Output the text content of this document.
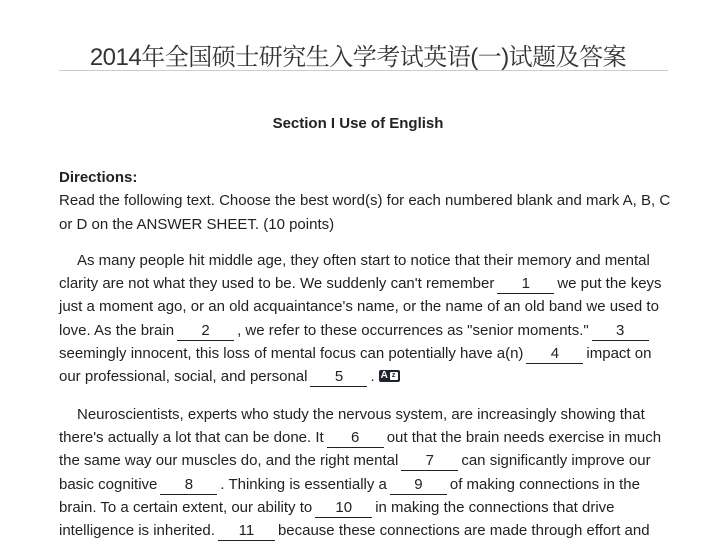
2014年全国硕士研究生入学考试英语(一)试题及答案
Section I Use of English
Directions:
Read the following text. Choose the best word(s) for each numbered blank and mark A, B, C or D on the ANSWER SHEET. (10 points)

As many people hit middle age, they often start to notice that their memory and mental clarity are not what they used to be. We suddenly can't remember 1 we put the keys just a moment ago, or an old acquaintance's name, or the name of an old band we used to love. As the brain 2 , we refer to these occurrences as "senior moments." 3 seemingly innocent, this loss of mental focus can potentially have a(n) 4 impact on our professional, social, and personal 5 . A z

Neuroscientists, experts who study the nervous system, are increasingly showing that there's actually a lot that can be done. It 6 out that the brain needs exercise in much the same way our muscles do, and the right mental 7 can significantly improve our basic cognitive 8 . Thinking is essentially a 9 of making connections in the brain. To a certain extent, our ability to 10 in making the connections that drive intelligence is inherited. 11 because these connections are made through effort and
